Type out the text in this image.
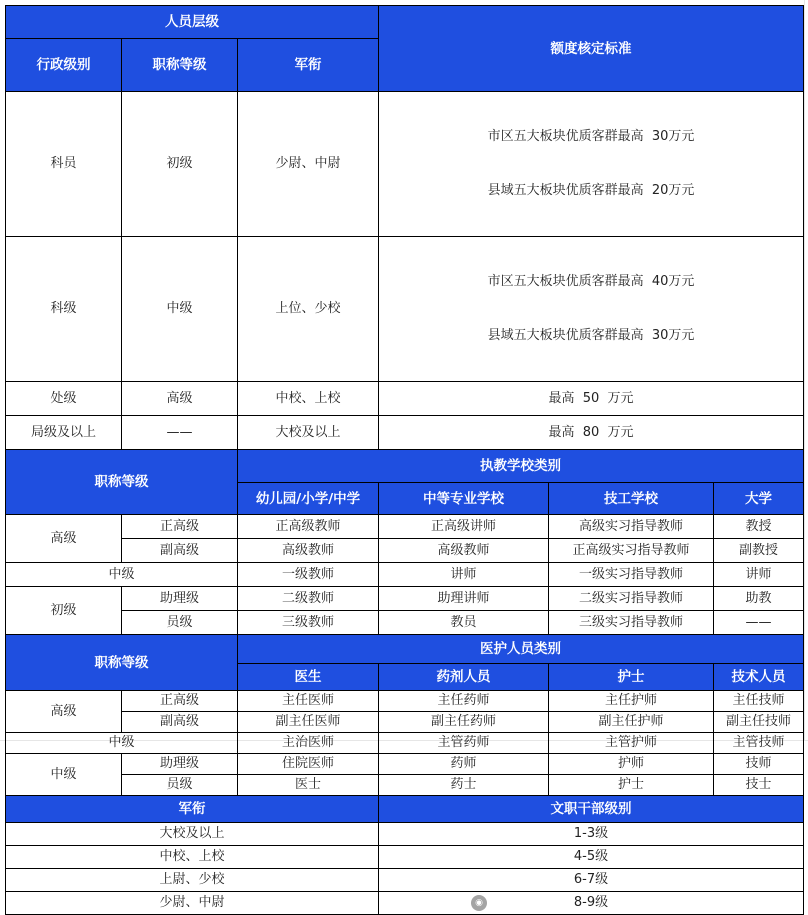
人员层级			额度核定标准		
行政级别	职称等级	军衔			
科员	初级	少尉、中尉	市区五大板块优质客群最高  30万元

县域五大板块优质客群最高  20万元		

科级	中级	上位、少校	市区五大板块优质客群最高  40万元

县域五大板块优质客群最高  30万元		

处级	高级	中校、上校	最高  50  万元		
局级及以上	——	大校及以上	最高  80  万元		
职称等级		执教学校类别			
		幼儿园/小学/中学	中等专业学校	技工学校	大学
高级	正高级	正高级教师	正高级讲师	高级实习指导教师	教授
	副高级	高级教师	高级教师	正高级实习指导教师	副教授
中级		一级教师	讲师	一级实习指导教师	讲师
初级	助理级	二级教师	助理讲师	二级实习指导教师	助教
	员级	三级教师	教员	三级实习指导教师	——
职称等级		医护人员类别			
		医生	药剂人员	护士	技术人员
高级	正高级	主任医师	主任药师	主任护师	主任技师
	副高级	副主任医师	副主任药师	副主任护师	副主任技师
中级		主治医师	主管药师	主管护师	主管技师
中级	助理级	住院医师	药师	护师	技师
	员级	医士	药士	护士	技士
军衔			文职干部级别		
大校及以上			1-3级		
中校、上校			4-5级		
上尉、少校			6-7级		
少尉、中尉			8-9级
◉		
